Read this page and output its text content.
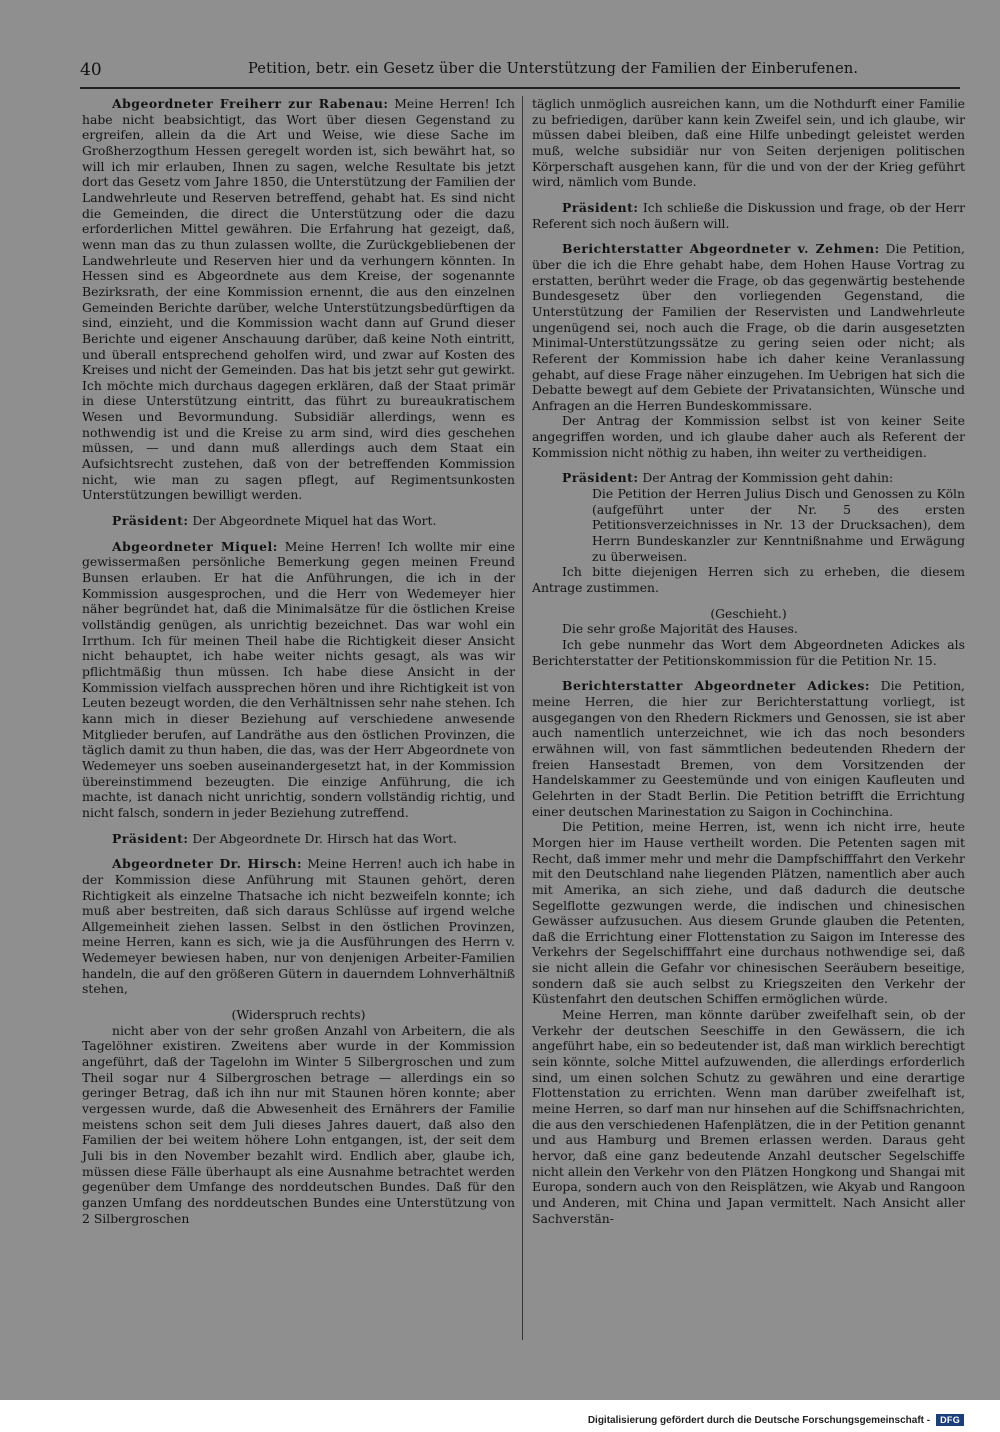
40	Petition, betr. ein Gesetz über die Unterstützung der Familien der Einberufenen.

Abgeordneter Freiherr zur Rabenau: Meine Herren! Ich habe nicht beabsichtigt, das Wort über diesen Gegenstand zu ergreifen, allein da die Art und Weise, wie diese Sache im Großherzogthum Hessen geregelt worden ist, sich bewährt hat, so will ich mir erlauben, Ihnen zu sagen, welche Resultate bis jetzt dort das Gesetz vom Jahre 1850, die Unterstützung der Familien der Landwehrleute und Reserven betreffend, gehabt hat. Es sind nicht die Gemeinden, die direct die Unterstützung oder die dazu erforderlichen Mittel gewähren. Die Erfahrung hat gezeigt, daß, wenn man das zu thun zulassen wollte, die Zurückgebliebenen der Landwehrleute und Reserven hier und da verhungern könnten. In Hessen sind es Abgeordnete aus dem Kreise, der sogenannte Bezirksrath, der eine Kommission ernennt, die aus den einzelnen Gemeinden Berichte darüber, welche Unterstützungsbedürftigen da sind, einzieht, und die Kommission wacht dann auf Grund dieser Berichte und eigener Anschauung darüber, daß keine Noth eintritt, und überall entsprechend geholfen wird, und zwar auf Kosten des Kreises und nicht der Gemeinden. Das hat bis jetzt sehr gut gewirkt. Ich möchte mich durchaus dagegen erklären, daß der Staat primär in diese Unterstützung eintritt, das führt zu bureaukratischem Wesen und Bevormundung. Subsidiär allerdings, wenn es nothwendig ist und die Kreise zu arm sind, wird dies geschehen müssen, — und dann muß allerdings auch dem Staat ein Aufsichtsrecht zustehen, daß von der betreffenden Kommission nicht, wie man zu sagen pflegt, auf Regimentsunkosten Unterstützungen bewilligt werden.

Präsident: Der Abgeordnete Miquel hat das Wort.

Abgeordneter Miquel: Meine Herren! Ich wollte mir eine gewissermaßen persönliche Bemerkung gegen meinen Freund Bunsen erlauben. Er hat die Anführungen, die ich in der Kommission ausgesprochen, und die Herr von Wedemeyer hier näher begründet hat, daß die Minimalsätze für die östlichen Kreise vollständig genügen, als unrichtig bezeichnet. Das war wohl ein Irrthum. Ich für meinen Theil habe die Richtigkeit dieser Ansicht nicht behauptet, ich habe weiter nichts gesagt, als was wir pflichtmäßig thun müssen. Ich habe diese Ansicht in der Kommission vielfach aussprechen hören und ihre Richtigkeit ist von Leuten bezeugt worden, die den Verhältnissen sehr nahe stehen. Ich kann mich in dieser Beziehung auf verschiedene anwesende Mitglieder berufen, auf Landräthe aus den östlichen Provinzen, die täglich damit zu thun haben, die das, was der Herr Abgeordnete von Wedemeyer uns soeben auseinandergesetzt hat, in der Kommission übereinstimmend bezeugten. Die einzige Anführung, die ich machte, ist danach nicht unrichtig, sondern vollständig richtig, und nicht falsch, sondern in jeder Beziehung zutreffend.

Präsident: Der Abgeordnete Dr. Hirsch hat das Wort.

Abgeordneter Dr. Hirsch: Meine Herren! auch ich habe in der Kommission diese Anführung mit Staunen gehört, deren Richtigkeit als einzelne Thatsache ich nicht bezweifeln konnte; ich muß aber bestreiten, daß sich daraus Schlüsse auf irgend welche Allgemeinheit ziehen lassen. Selbst in den östlichen Provinzen, meine Herren, kann es sich, wie ja die Ausführungen des Herrn v. Wedemeyer bewiesen haben, nur von denjenigen Arbeiter-Familien handeln, die auf den größeren Gütern in dauerndem Lohnverhältniß stehen,

(Widerspruch rechts)

nicht aber von der sehr großen Anzahl von Arbeitern, die als Tagelöhner existiren. Zweitens aber wurde in der Kommission angeführt, daß der Tagelohn im Winter 5 Silbergroschen und zum Theil sogar nur 4 Silbergroschen betrage — allerdings ein so geringer Betrag, daß ich ihn nur mit Staunen hören konnte; aber vergessen wurde, daß die Abwesenheit des Ernährers der Familie meistens schon seit dem Juli dieses Jahres dauert, daß also den Familien der bei weitem höhere Lohn entgangen, ist, der seit dem Juli bis in den November bezahlt wird. Endlich aber, glaube ich, müssen diese Fälle überhaupt als eine Ausnahme betrachtet werden gegenüber dem Umfange des norddeutschen Bundes. Daß für den ganzen Umfang des norddeutschen Bundes eine Unterstützung von 2 Silbergroschen

täglich unmöglich ausreichen kann, um die Nothdurft einer Familie zu befriedigen, darüber kann kein Zweifel sein, und ich glaube, wir müssen dabei bleiben, daß eine Hilfe unbedingt geleistet werden muß, welche subsidiär nur von Seiten derjenigen politischen Körperschaft ausgehen kann, für die und von der der Krieg geführt wird, nämlich vom Bunde.

Präsident: Ich schließe die Diskussion und frage, ob der Herr Referent sich noch äußern will.

Berichterstatter Abgeordneter v. Zehmen: Die Petition, über die ich die Ehre gehabt habe, dem Hohen Hause Vortrag zu erstatten, berührt weder die Frage, ob das gegenwärtig bestehende Bundesgesetz über den vorliegenden Gegenstand, die Unterstützung der Familien der Reservisten und Landwehrleute ungenügend sei, noch auch die Frage, ob die darin ausgesetzten Minimal-Unterstützungssätze zu gering seien oder nicht; als Referent der Kommission habe ich daher keine Veranlassung gehabt, auf diese Frage näher einzugehen. Im Uebrigen hat sich die Debatte bewegt auf dem Gebiete der Privatansichten, Wünsche und Anfragen an die Herren Bundeskommissare.

Der Antrag der Kommission selbst ist von keiner Seite angegriffen worden, und ich glaube daher auch als Referent der Kommission nicht nöthig zu haben, ihn weiter zu vertheidigen.

Präsident: Der Antrag der Kommission geht dahin:

Die Petition der Herren Julius Disch und Genossen zu Köln (aufgeführt unter der Nr. 5 des ersten Petitionsverzeichnisses in Nr. 13 der Drucksachen), dem Herrn Bundeskanzler zur Kenntnißnahme und Erwägung zu überweisen.

Ich bitte diejenigen Herren sich zu erheben, die diesem Antrage zustimmen.

(Geschieht.)

Die sehr große Majorität des Hauses.

Ich gebe nunmehr das Wort dem Abgeordneten Adickes als Berichterstatter der Petitionskommission für die Petition Nr. 15.

Berichterstatter Abgeordneter Adickes: Die Petition, meine Herren, die hier zur Berichterstattung vorliegt, ist ausgegangen von den Rhedern Rickmers und Genossen, sie ist aber auch namentlich unterzeichnet, wie ich das noch besonders erwähnen will, von fast sämmtlichen bedeutenden Rhedern der freien Hansestadt Bremen, von dem Vorsitzenden der Handelskammer zu Geestemünde und von einigen Kaufleuten und Gelehrten in der Stadt Berlin. Die Petition betrifft die Errichtung einer deutschen Marinestation zu Saigon in Cochinchina.

Die Petition, meine Herren, ist, wenn ich nicht irre, heute Morgen hier im Hause vertheilt worden. Die Petenten sagen mit Recht, daß immer mehr und mehr die Dampfschifffahrt den Verkehr mit den Deutschland nahe liegenden Plätzen, namentlich aber auch mit Amerika, an sich ziehe, und daß dadurch die deutsche Segelflotte gezwungen werde, die indischen und chinesischen Gewässer aufzusuchen. Aus diesem Grunde glauben die Petenten, daß die Errichtung einer Flottenstation zu Saigon im Interesse des Verkehrs der Segelschifffahrt eine durchaus nothwendige sei, daß sie nicht allein die Gefahr vor chinesischen Seeräubern beseitige, sondern daß sie auch selbst zu Kriegszeiten den Verkehr der Küstenfahrt den deutschen Schiffen ermöglichen würde.

Meine Herren, man könnte darüber zweifelhaft sein, ob der Verkehr der deutschen Seeschiffe in den Gewässern, die ich angeführt habe, ein so bedeutender ist, daß man wirklich berechtigt sein könnte, solche Mittel aufzuwenden, die allerdings erforderlich sind, um einen solchen Schutz zu gewähren und eine derartige Flottenstation zu errichten. Wenn man darüber zweifelhaft ist, meine Herren, so darf man nur hinsehen auf die Schiffsnachrichten, die aus den verschiedenen Hafenplätzen, die in der Petition genannt und aus Hamburg und Bremen erlassen werden. Daraus geht hervor, daß eine ganz bedeutende Anzahl deutscher Segelschiffe nicht allein den Verkehr von den Plätzen Hongkong und Shangai mit Europa, sondern auch von den Reisplätzen, wie Akyab und Rangoon und Anderen, mit China und Japan vermittelt. Nach Ansicht aller Sachverstän-

Digitalisierung gefördert durch die Deutsche Forschungsgemeinschaft -	DFG
